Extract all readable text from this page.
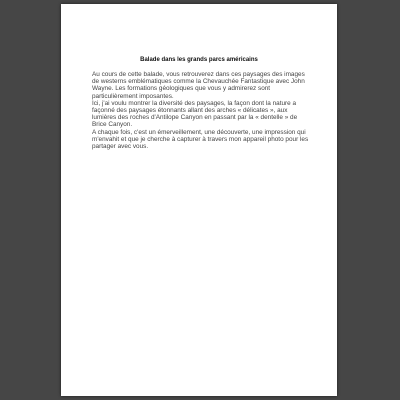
Balade dans les grands parcs américains

Au cours de cette balade, vous retrouverez dans ces paysages des images de westerns emblématiques comme la Chevauchée Fantastique avec John Wayne. Les formations géologiques que vous y admirerez sont particulièrement imposantes.

Ici, j'ai voulu montrer la diversité des paysages, la façon dont la nature a façonné des paysages étonnants allant des arches « délicates », aux lumières des roches d'Antilope Canyon en passant par la « dentelle » de Brice Canyon.

A chaque fois, c'est un émerveillement, une découverte, une impression qui m'envahit et que je cherche à capturer à travers mon appareil photo pour les partager avec vous.
